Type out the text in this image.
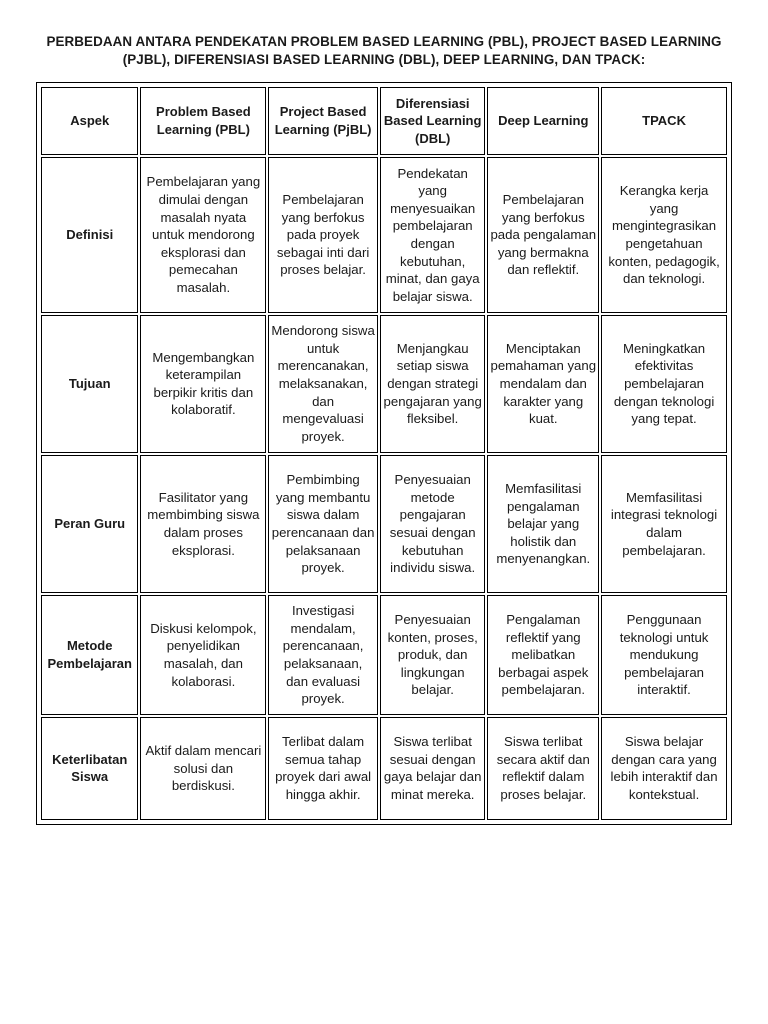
PERBEDAAN ANTARA PENDEKATAN PROBLEM BASED LEARNING (PBL), PROJECT BASED LEARNING (PJBL), DIFERENSIASI BASED LEARNING (DBL), DEEP LEARNING, DAN TPACK:
Aspek	Problem Based Learning (PBL)	Project Based Learning (PjBL)	Diferensiasi Based Learning (DBL)	Deep Learning	TPACK
Definisi	Pembelajaran yang dimulai dengan masalah nyata untuk mendorong eksplorasi dan pemecahan masalah.	Pembelajaran yang berfokus pada proyek sebagai inti dari proses belajar.	Pendekatan yang menyesuaikan pembelajaran dengan kebutuhan, minat, dan gaya belajar siswa.	Pembelajaran yang berfokus pada pengalaman yang bermakna dan reflektif.	Kerangka kerja yang mengintegrasikan pengetahuan konten, pedagogik, dan teknologi.
Tujuan	Mengembangkan keterampilan berpikir kritis dan kolaboratif.	Mendorong siswa untuk merencanakan, melaksanakan, dan mengevaluasi proyek.	Menjangkau setiap siswa dengan strategi pengajaran yang fleksibel.	Menciptakan pemahaman yang mendalam dan karakter yang kuat.	Meningkatkan efektivitas pembelajaran dengan teknologi yang tepat.
Peran Guru	Fasilitator yang membimbing siswa dalam proses eksplorasi.	Pembimbing yang membantu siswa dalam perencanaan dan pelaksanaan proyek.	Penyesuaian metode pengajaran sesuai dengan kebutuhan individu siswa.	Memfasilitasi pengalaman belajar yang holistik dan menyenangkan.	Memfasilitasi integrasi teknologi dalam pembelajaran.
Metode Pembelajaran	Diskusi kelompok, penyelidikan masalah, dan kolaborasi.	Investigasi mendalam, perencanaan, pelaksanaan, dan evaluasi proyek.	Penyesuaian konten, proses, produk, dan lingkungan belajar.	Pengalaman reflektif yang melibatkan berbagai aspek pembelajaran.	Penggunaan teknologi untuk mendukung pembelajaran interaktif.
Keterlibatan Siswa	Aktif dalam mencari solusi dan berdiskusi.	Terlibat dalam semua tahap proyek dari awal hingga akhir.	Siswa terlibat sesuai dengan gaya belajar dan minat mereka.	Siswa terlibat secara aktif dan reflektif dalam proses belajar.	Siswa belajar dengan cara yang lebih interaktif dan kontekstual.
